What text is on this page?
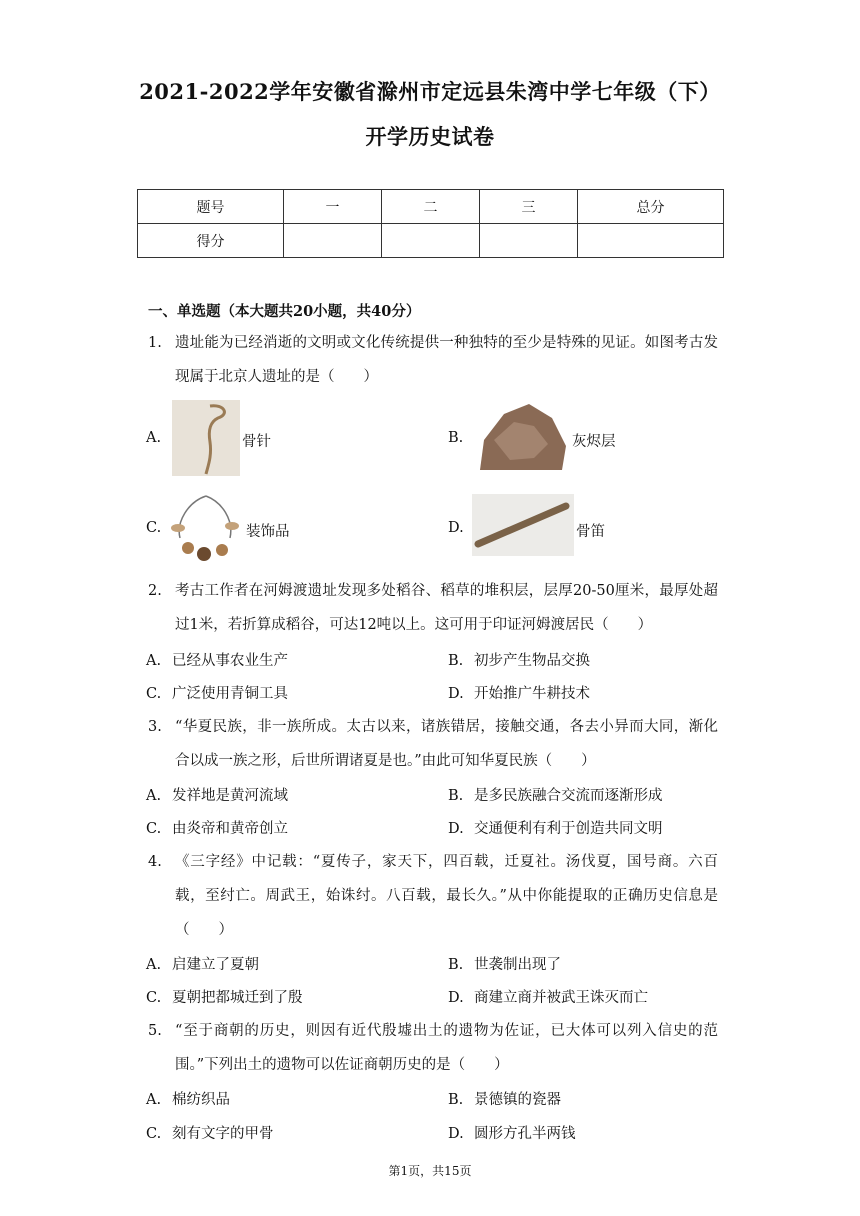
2021-2022学年安徽省滁州市定远县朱湾中学七年级（下）
开学历史试卷
题号	一	二	三	总分
得分				
一、单选题（本大题共20小题，共40分）
1. 遗址能为已经消逝的文明或文化传统提供一种独特的至少是特殊的见证。如图考古发现属于北京人遗址的是（　　）
A.	骨针	B.	灰烬层
C.	装饰品	D.	骨笛
2. 考古工作者在河姆渡遗址发现多处稻谷、稻草的堆积层，层厚20-50厘米，最厚处超过1米，若折算成稻谷，可达12吨以上。这可用于印证河姆渡居民（　　）
A. 已经从事农业生产	B. 初步产生物品交换
C. 广泛使用青铜工具	D. 开始推广牛耕技术
3. “华夏民族，非一族所成。太古以来，诸族错居，接触交通，各去小异而大同，渐化合以成一族之形，后世所谓诸夏是也。”由此可知华夏民族（　　）
A. 发祥地是黄河流域	B. 是多民族融合交流而逐渐形成
C. 由炎帝和黄帝创立	D. 交通便利有利于创造共同文明
4. 《三字经》中记载：“夏传子，家天下，四百载，迁夏社。汤伐夏，国号商。六百载，至纣亡。周武王，始诛纣。八百载，最长久。”从中你能提取的正确历史信息是（　　）
A. 启建立了夏朝	B. 世袭制出现了
C. 夏朝把都城迁到了殷	D. 商建立商并被武王诛灭而亡
5. “至于商朝的历史，则因有近代殷墟出土的遗物为佐证，已大体可以列入信史的范围。”下列出土的遗物可以佐证商朝历史的是（　　）
A. 棉纺织品	B. 景德镇的瓷器
C. 刻有文字的甲骨	D. 圆形方孔半两钱
第1页，共15页
